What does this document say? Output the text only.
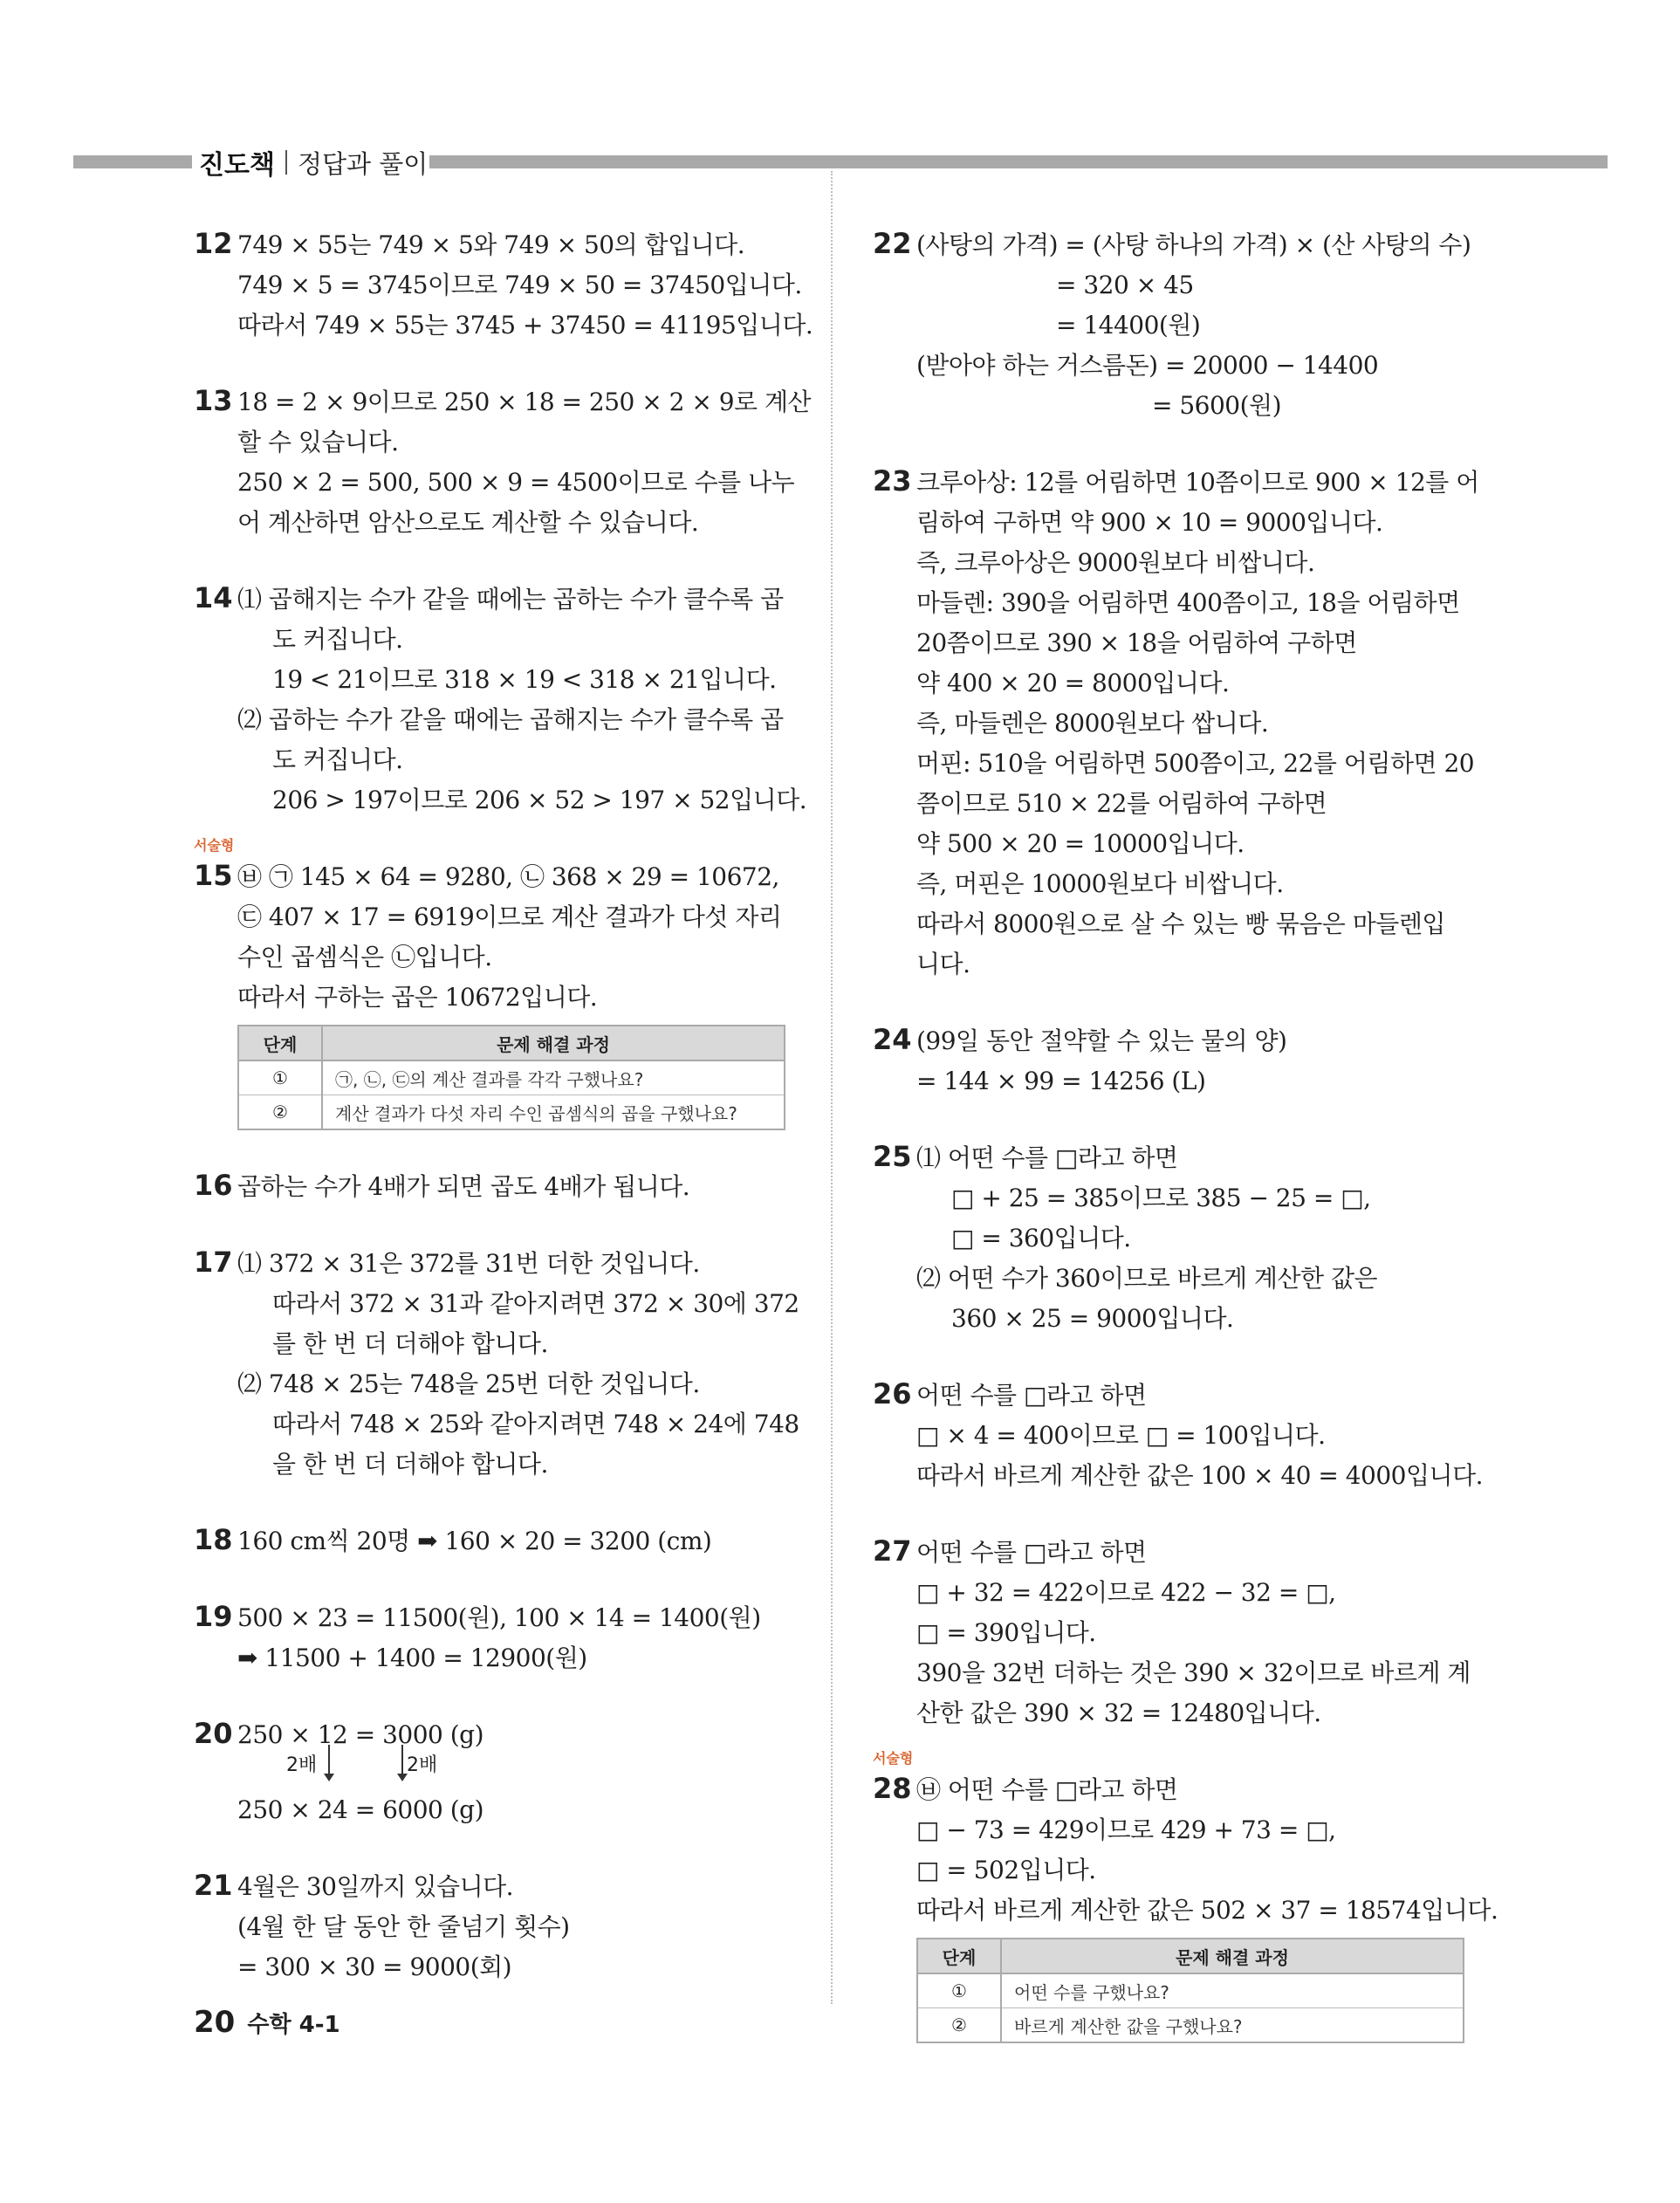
진도책 정답과 풀이
12 749 × 55는 749 × 5와 749 × 50의 합입니다.
749 × 5 = 3745이므로 749 × 50 = 37450입니다.
따라서 749 × 55는 3745 + 37450 = 41195입니다.
13 18 = 2 × 9이므로 250 × 18 = 250 × 2 × 9로 계산
할 수 있습니다.
250 × 2 = 500, 500 × 9 = 4500이므로 수를 나누
어 계산하면 암산으로도 계산할 수 있습니다.
14 ⑴ 곱해지는 수가 같을 때에는 곱하는 수가 클수록 곱
도 커집니다.
19 < 21이므로 318 × 19 < 318 × 21입니다.
⑵ 곱하는 수가 같을 때에는 곱해지는 수가 클수록 곱
도 커집니다.
206 > 197이므로 206 × 52 > 197 × 52입니다.
서술형
15 ㉥ ㉠ 145 × 64 = 9280, ㉡ 368 × 29 = 10672,
㉢ 407 × 17 = 6919이므로 계산 결과가 다섯 자리
수인 곱셈식은 ㉡입니다.
따라서 구하는 곱은 10672입니다.
단계	문제 해결 과정
①	㉠, ㉡, ㉢의 계산 결과를 각각 구했나요?
②	계산 결과가 다섯 자리 수인 곱셈식의 곱을 구했나요?
16 곱하는 수가 4배가 되면 곱도 4배가 됩니다.
17 ⑴ 372 × 31은 372를 31번 더한 것입니다.
따라서 372 × 31과 같아지려면 372 × 30에 372
를 한 번 더 더해야 합니다.
⑵ 748 × 25는 748을 25번 더한 것입니다.
따라서 748 × 25와 같아지려면 748 × 24에 748
을 한 번 더 더해야 합니다.
18 160 cm씩 20명 ➡ 160 × 20 = 3200 (cm)
19 500 × 23 = 11500(원), 100 × 14 = 1400(원)
➡ 11500 + 1400 = 12900(원)
20 250 × 12 = 3000 (g)
2배	2배
250 × 24 = 6000 (g)
21 4월은 30일까지 있습니다.
(4월 한 달 동안 한 줄넘기 횟수)
= 300 × 30 = 9000(회)
22 (사탕의 가격) = (사탕 하나의 가격) × (산 사탕의 수)
= 320 × 45
= 14400(원)
(받아야 하는 거스름돈) = 20000 − 14400
= 5600(원)
23 크루아상: 12를 어림하면 10쯤이므로 900 × 12를 어
림하여 구하면 약 900 × 10 = 9000입니다.
즉, 크루아상은 9000원보다 비쌉니다.
마들렌: 390을 어림하면 400쯤이고, 18을 어림하면
20쯤이므로 390 × 18을 어림하여 구하면
약 400 × 20 = 8000입니다.
즉, 마들렌은 8000원보다 쌉니다.
머핀: 510을 어림하면 500쯤이고, 22를 어림하면 20
쯤이므로 510 × 22를 어림하여 구하면
약 500 × 20 = 10000입니다.
즉, 머핀은 10000원보다 비쌉니다.
따라서 8000원으로 살 수 있는 빵 묶음은 마들렌입
니다.
24 (99일 동안 절약할 수 있는 물의 양)
= 144 × 99 = 14256 (L)
25 ⑴ 어떤 수를 □라고 하면
□ + 25 = 385이므로 385 − 25 = □,
□ = 360입니다.
⑵ 어떤 수가 360이므로 바르게 계산한 값은
360 × 25 = 9000입니다.
26 어떤 수를 □라고 하면
□ × 4 = 400이므로 □ = 100입니다.
따라서 바르게 계산한 값은 100 × 40 = 4000입니다.
27 어떤 수를 □라고 하면
□ + 32 = 422이므로 422 − 32 = □,
□ = 390입니다.
390을 32번 더하는 것은 390 × 32이므로 바르게 계
산한 값은 390 × 32 = 12480입니다.
서술형
28 ㉥ 어떤 수를 □라고 하면
□ − 73 = 429이므로 429 + 73 = □,
□ = 502입니다.
따라서 바르게 계산한 값은 502 × 37 = 18574입니다.
단계	문제 해결 과정
①	어떤 수를 구했나요?
②	바르게 계산한 값을 구했나요?
20 수학 4-1
